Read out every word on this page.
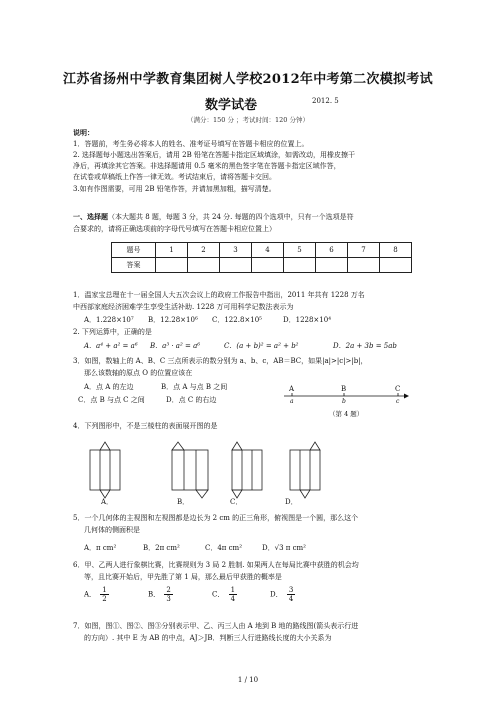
江苏省扬州中学教育集团树人学校2012年中考第二次模拟考试
数学试卷	2012. 5
（满分：150 分 ；考试时间：120 分钟）
说明：
1．答题前，考生务必将本人的姓名、准考证号填写在答题卡相应的位置上。
2. 选择题每小题选出答案后，请用 2B 铅笔在答题卡指定区域填涂，如需改动，用橡皮擦干
净后，再填涂其它答案。非选择题请用 0.5 毫米的黑色签字笔在答题卡指定区域作答，
在试卷或草稿纸上作答一律无效。考试结束后，请将答题卡交回。
3.如有作图需要，可用 2B 铅笔作答，并请加黑加粗，描写清楚。
一、选择题（本大题共 8 题，每题 3 分，共 24 分. 每题的四个选项中，只有一个选项是符
合要求的，请将正确选项前的字母代号填写在答题卡相应位置上）
题号	1	2	3	4	5	6	7	8
答案								
1．温家宝总理在十一届全国人大五次会议上的政府工作报告中指出，2011 年共有 1228 万名
中西部家庭经济困难学生享受生活补助. 1228 万可用科学记数法表示为
A．1.228×10⁷ B．12.28×10⁶ C．122.8×10⁵	D．1228×10⁴
2. 下列运算中，正确的是
A．a⁴ + a² = a⁶ B．a³ · a² = a⁶	C．(a + b)² = a² + b²	D．2a + 3b = 5ab
3．如图，数轴上的 A、B、C 三点所表示的数分别为 a、b、c，AB＝BC，如果|a|>|c|>|b|，
那么该数轴的原点 O 的位置应该在
A．点 A 的左边	B．点 A 与点 B 之间
C．点 B 与点 C 之间	D．点 C 的右边
A	B	C
a	b	c
（第 4 题）
4．下列图形中，不是三棱柱的表面展开图的是
A．	B．	C．	D．
5．一个几何体的主视图和左视图都是边长为 2 cm 的正三角形，俯视图是一个圆，那么这个
几何体的侧面积是
A．π cm²	B．2π cm²	C．4π cm²	D．√3 π cm²
6．甲、乙两人进行象棋比赛，比赛规则为 3 局 2 胜制. 如果两人在每局比赛中获胜的机会均
等，且比赛开始后，甲先胜了第 1 局，那么最后甲获胜的概率是
A． $\frac{1}{2}$	B． $\frac{2}{3}$	C． $\frac{1}{4}$	D． $\frac{3}{4}$
7．如图，图①、图②、图③分别表示甲、乙、丙三人由 A 地到 B 地的路线图(箭头表示行进
的方向）. 其中 E 为 AB 的中点，AJ＞JB．判断三人行进路线长度的大小关系为
1 / 10
